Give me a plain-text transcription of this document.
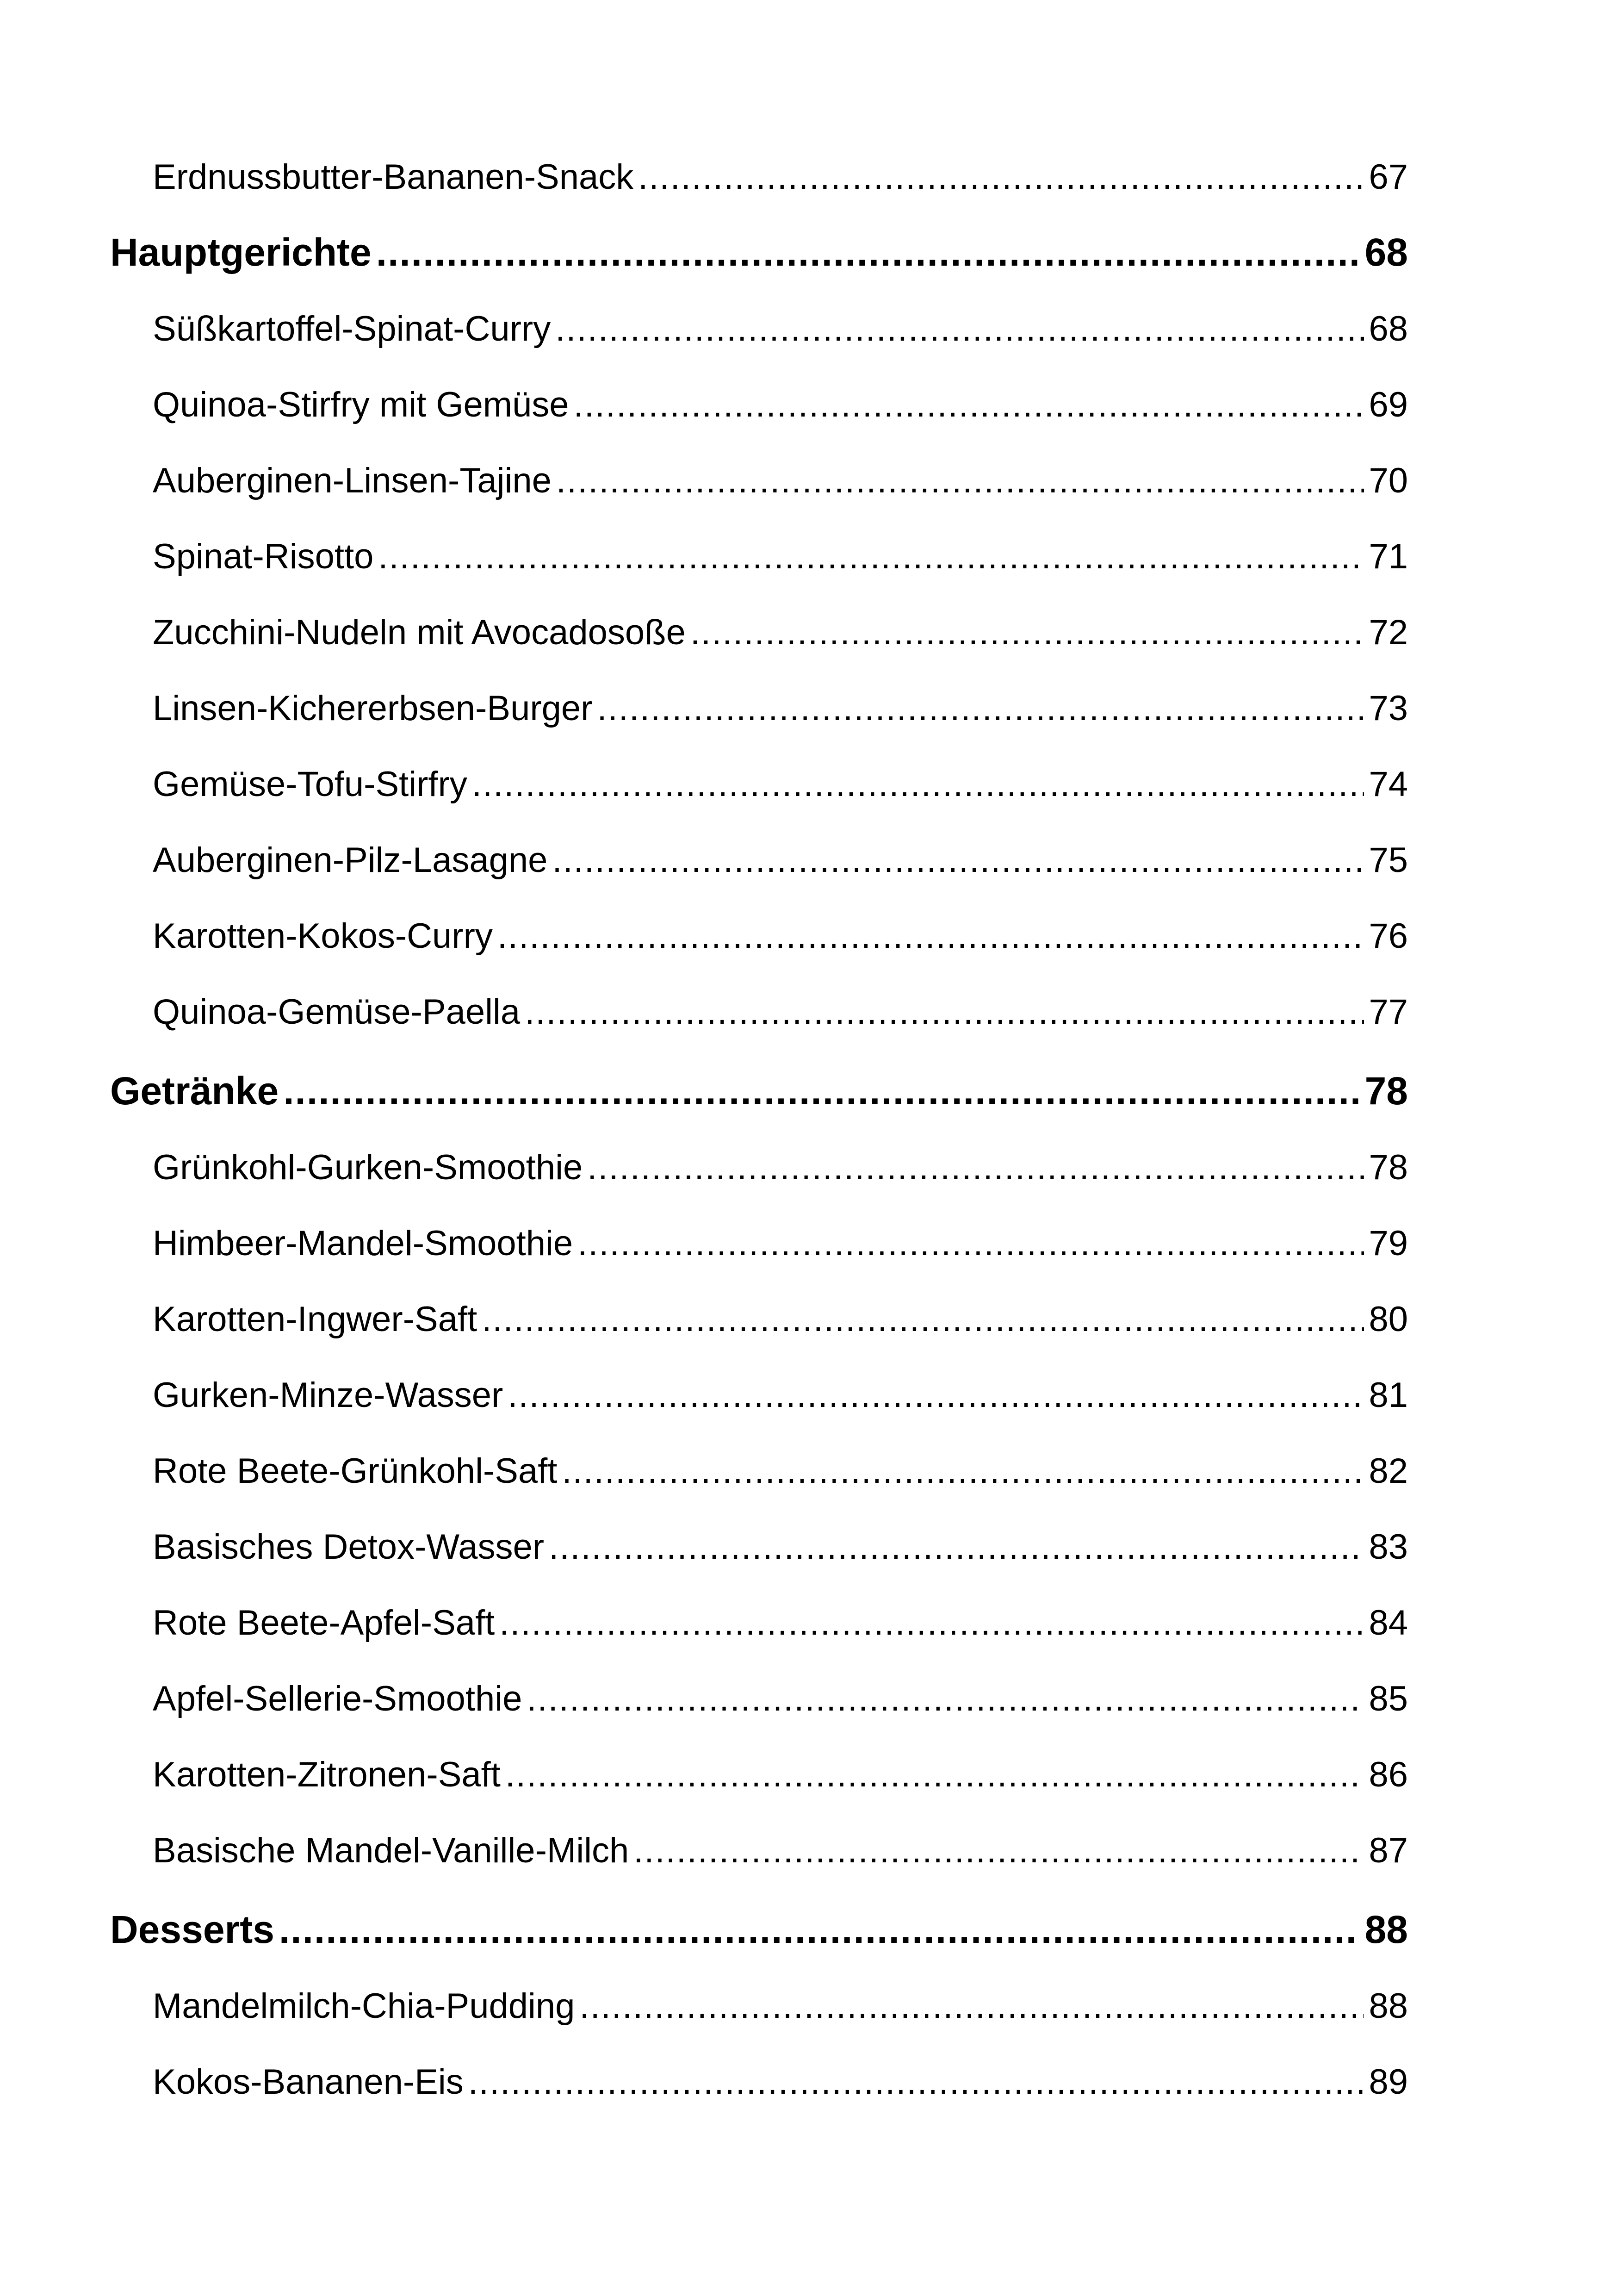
Erdnussbutter-Bananen-Snack .....	67
Hauptgerichte .....	68
Süßkartoffel-Spinat-Curry .....	68
Quinoa-Stirfry mit Gemüse .....	69
Auberginen-Linsen-Tajine .....	70
Spinat-Risotto .....	71
Zucchini-Nudeln mit Avocadosoße .....	72
Linsen-Kichererbsen-Burger .....	73
Gemüse-Tofu-Stirfry .....	74
Auberginen-Pilz-Lasagne .....	75
Karotten-Kokos-Curry .....	76
Quinoa-Gemüse-Paella .....	77
Getränke .....	78
Grünkohl-Gurken-Smoothie .....	78
Himbeer-Mandel-Smoothie .....	79
Karotten-Ingwer-Saft .....	80
Gurken-Minze-Wasser .....	81
Rote Beete-Grünkohl-Saft .....	82
Basisches Detox-Wasser .....	83
Rote Beete-Apfel-Saft .....	84
Apfel-Sellerie-Smoothie .....	85
Karotten-Zitronen-Saft .....	86
Basische Mandel-Vanille-Milch .....	87
Desserts .....	88
Mandelmilch-Chia-Pudding .....	88
Kokos-Bananen-Eis .....	89
